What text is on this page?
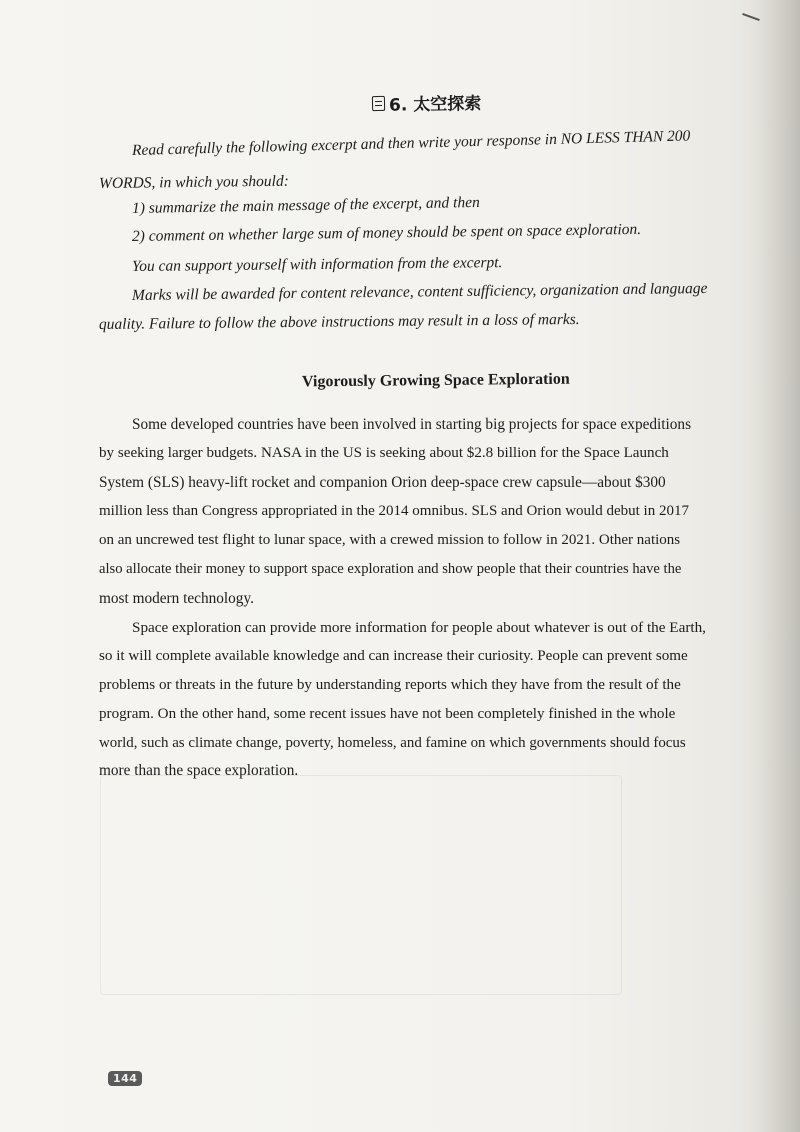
6. 太空探索
Read carefully the following excerpt and then write your response in NO LESS THAN 200
WORDS, in which you should:
1) summarize the main message of the excerpt, and then
2) comment on whether large sum of money should be spent on space exploration.
You can support yourself with information from the excerpt.
Marks will be awarded for content relevance, content sufficiency, organization and language
quality. Failure to follow the above instructions may result in a loss of marks.
Vigorously Growing Space Exploration
Some developed countries have been involved in starting big projects for space expeditions
by seeking larger budgets. NASA in the US is seeking about $2.8 billion for the Space Launch
System (SLS) heavy-lift rocket and companion Orion deep-space crew capsule—about $300
million less than Congress appropriated in the 2014 omnibus. SLS and Orion would debut in 2017
on an uncrewed test flight to lunar space, with a crewed mission to follow in 2021. Other nations
also allocate their money to support space exploration and show people that their countries have the
most modern technology.
Space exploration can provide more information for people about whatever is out of the Earth,
so it will complete available knowledge and can increase their curiosity. People can prevent some
problems or threats in the future by understanding reports which they have from the result of the
program. On the other hand, some recent issues have not been completely finished in the whole
world, such as climate change, poverty, homeless, and famine on which governments should focus
more than the space exploration.
144
